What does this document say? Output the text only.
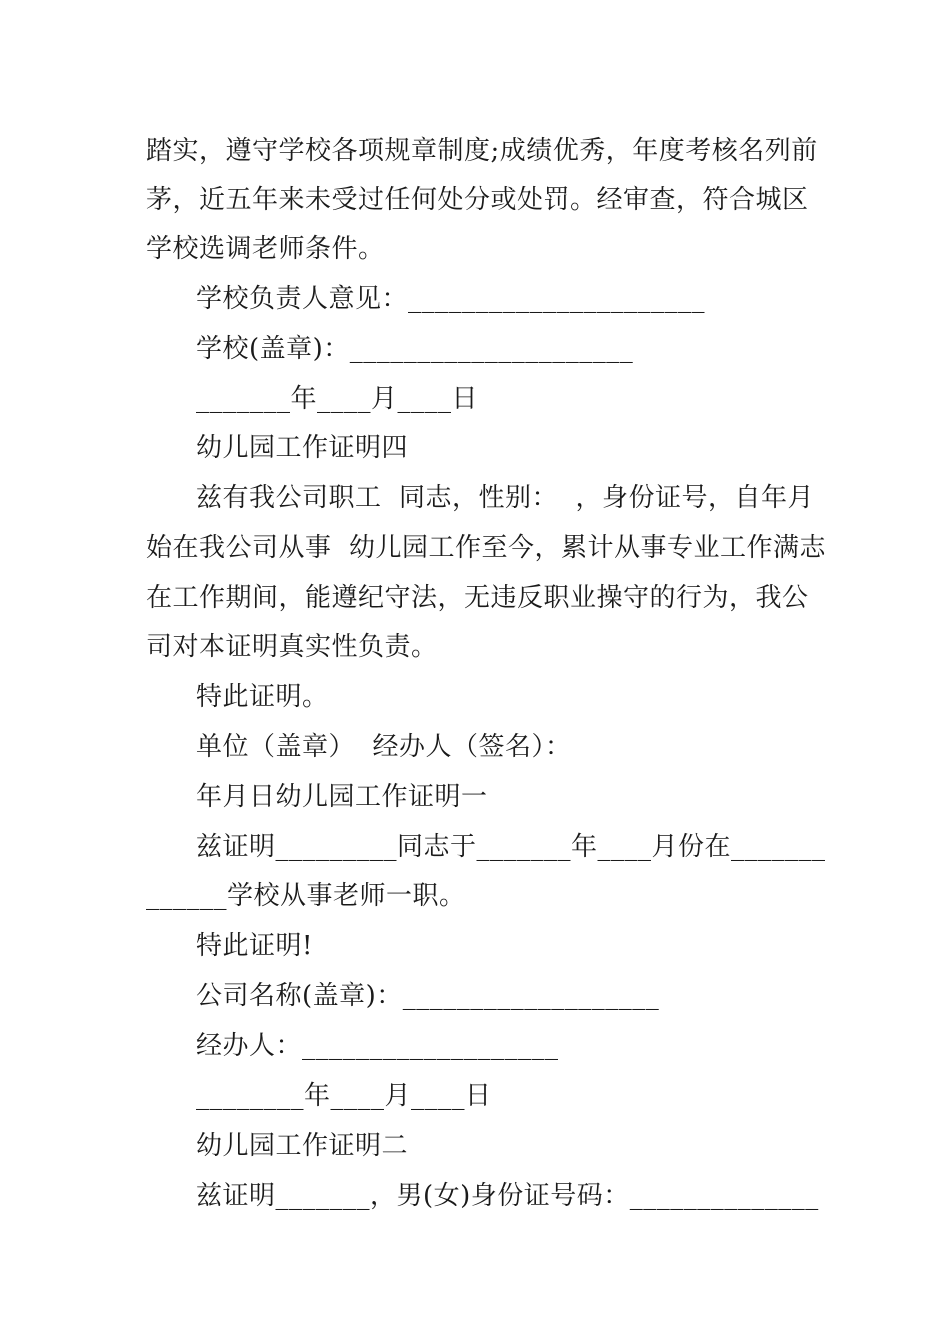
踏实，遵守学校各项规章制度;成绩优秀，年度考核名列前
茅，近五年来未受过任何处分或处罚。经审查，符合城区
学校选调老师条件。
学校负责人意见：______________________
学校(盖章)：_____________________
_______年____月____日
幼儿园工作证明四
兹有我公司职工  同志，性别：  ，身份证号，自年月
始在我公司从事  幼儿园工作至今，累计从事专业工作满志
在工作期间，能遵纪守法，无违反职业操守的行为，我公
司对本证明真实性负责。
特此证明。
单位（盖章）  经办人（签名）：
年月日幼儿园工作证明一
兹证明_________同志于_______年____月份在_______
______学校从事老师一职。
特此证明!
公司名称(盖章)：___________________
经办人：___________________
________年____月____日
幼儿园工作证明二
兹证明_______，男(女)身份证号码：______________
